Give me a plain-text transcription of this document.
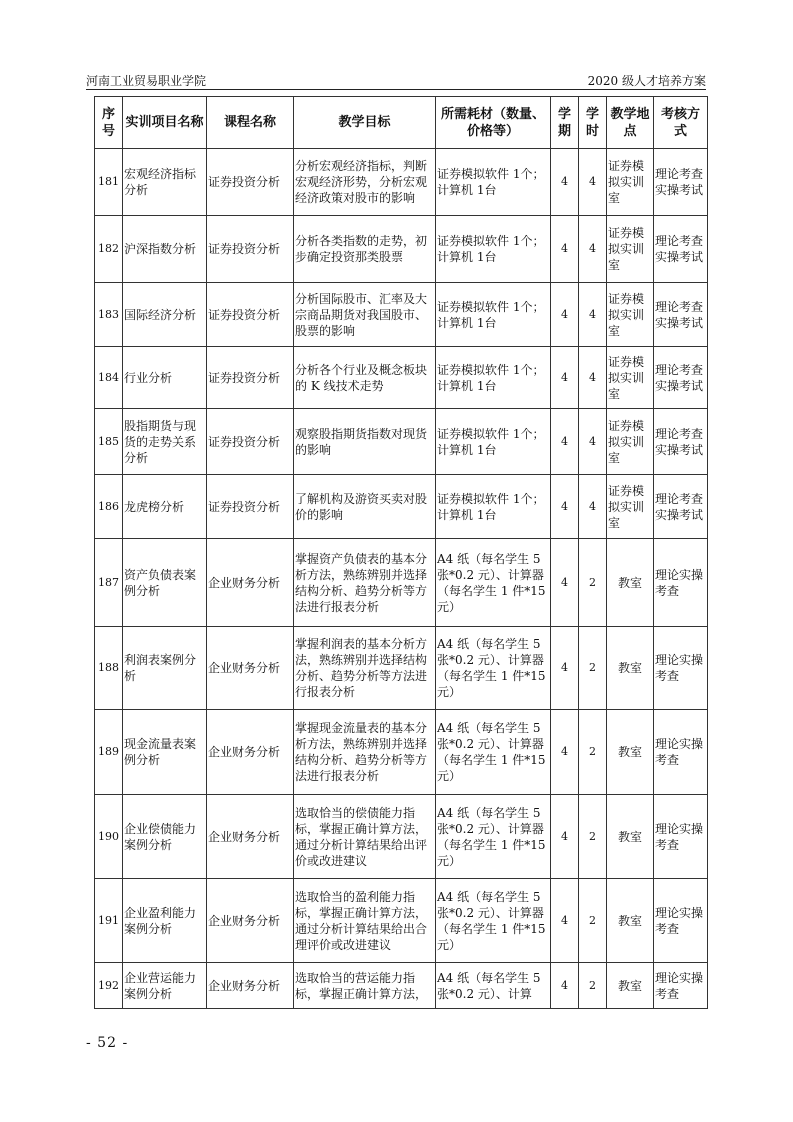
河南工业贸易职业学院	2020 级人才培养方案
序号	实训项目名称	课程名称	教学目标	所需耗材（数量、价格等）	学期	学时	教学地点	考核方式
181	宏观经济指标分析	证券投资分析	分析宏观经济指标，判断宏观经济形势，分析宏观经济政策对股市的影响	证券模拟软件 1个；计算机 1台	4	4	证券模拟实训室	理论考查实操考试
182	沪深指数分析	证券投资分析	分析各类指数的走势，初步确定投资那类股票	证券模拟软件 1个；计算机 1台	4	4	证券模拟实训室	理论考查实操考试
183	国际经济分析	证券投资分析	分析国际股市、汇率及大宗商品期货对我国股市、股票的影响	证券模拟软件 1个；计算机 1台	4	4	证券模拟实训室	理论考查实操考试
184	行业分析	证券投资分析	分析各个行业及概念板块的 K 线技术走势	证券模拟软件 1个；计算机 1台	4	4	证券模拟实训室	理论考查实操考试
185	股指期货与现货的走势关系分析	证券投资分析	观察股指期货指数对现货的影响	证券模拟软件 1个；计算机 1台	4	4	证券模拟实训室	理论考查实操考试
186	龙虎榜分析	证券投资分析	了解机构及游资买卖对股价的影响	证券模拟软件 1个；计算机 1台	4	4	证券模拟实训室	理论考查实操考试
187	资产负债表案例分析	企业财务分析	掌握资产负债表的基本分析方法，熟练辨别并选择结构分析、趋势分析等方法进行报表分析	A4 纸（每名学生 5 张*0.2 元）、计算器（每名学生 1 件*15 元）	4	2	教室	理论实操考查
188	利润表案例分析	企业财务分析	掌握利润表的基本分析方法，熟练辨别并选择结构分析、趋势分析等方法进行报表分析	A4 纸（每名学生 5 张*0.2 元）、计算器（每名学生 1 件*15 元）	4	2	教室	理论实操考查
189	现金流量表案例分析	企业财务分析	掌握现金流量表的基本分析方法，熟练辨别并选择结构分析、趋势分析等方法进行报表分析	A4 纸（每名学生 5 张*0.2 元）、计算器（每名学生 1 件*15 元）	4	2	教室	理论实操考查
190	企业偿债能力案例分析	企业财务分析	选取恰当的偿债能力指标，掌握正确计算方法，通过分析计算结果给出评价或改进建议	A4 纸（每名学生 5 张*0.2 元）、计算器（每名学生 1 件*15 元）	4	2	教室	理论实操考查
191	企业盈利能力案例分析	企业财务分析	选取恰当的盈利能力指标，掌握正确计算方法，通过分析计算结果给出合理评价或改进建议	A4 纸（每名学生 5 张*0.2 元）、计算器（每名学生 1 件*15 元）	4	2	教室	理论实操考查
192	企业营运能力案例分析	企业财务分析	选取恰当的营运能力指标，掌握正确计算方法，	A4 纸（每名学生 5 张*0.2 元）、计算	4	2	教室	理论实操考查
- 52 -
